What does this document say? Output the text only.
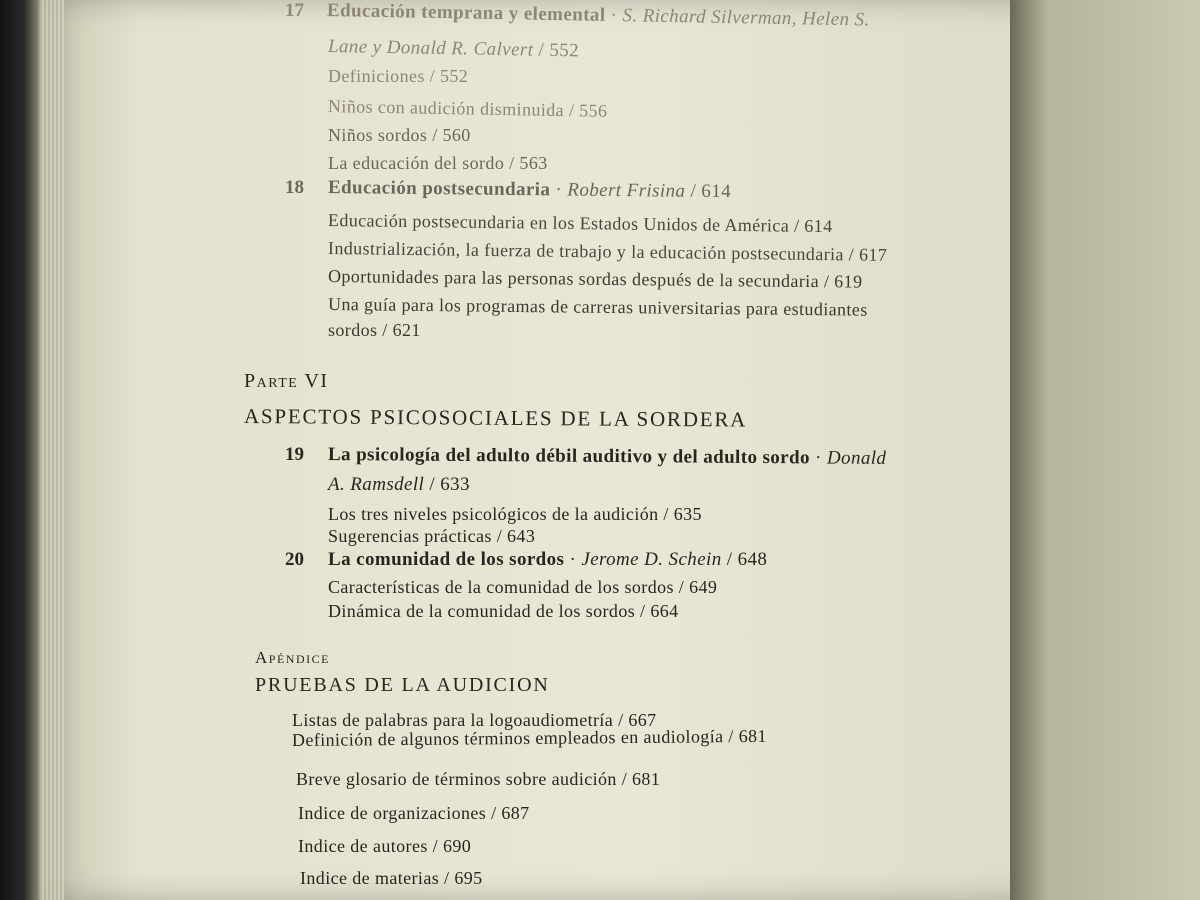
17 Educación temprana y elemental · S. Richard Silverman, Helen S.
Lane y Donald R. Calvert / 552
Definiciones / 552
Niños con audición disminuida / 556
Niños sordos / 560
La educación del sordo / 563
18 Educación postsecundaria · Robert Frisina / 614
Educación postsecundaria en los Estados Unidos de América / 614
Industrialización, la fuerza de trabajo y la educación postsecundaria / 617
Oportunidades para las personas sordas después de la secundaria / 619
Una guía para los programas de carreras universitarias para estudiantes
sordos / 621
Parte VI
ASPECTOS PSICOSOCIALES DE LA SORDERA
19 La psicología del adulto débil auditivo y del adulto sordo · Donald
A. Ramsdell / 633
Los tres niveles psicológicos de la audición / 635
Sugerencias prácticas / 643
20 La comunidad de los sordos · Jerome D. Schein / 648
Características de la comunidad de los sordos / 649
Dinámica de la comunidad de los sordos / 664
Apéndice
PRUEBAS DE LA AUDICION
Listas de palabras para la logoaudiometría / 667
Definición de algunos términos empleados en audiología / 681
Breve glosario de términos sobre audición / 681
Indice de organizaciones / 687
Indice de autores / 690
Indice de materias / 695
